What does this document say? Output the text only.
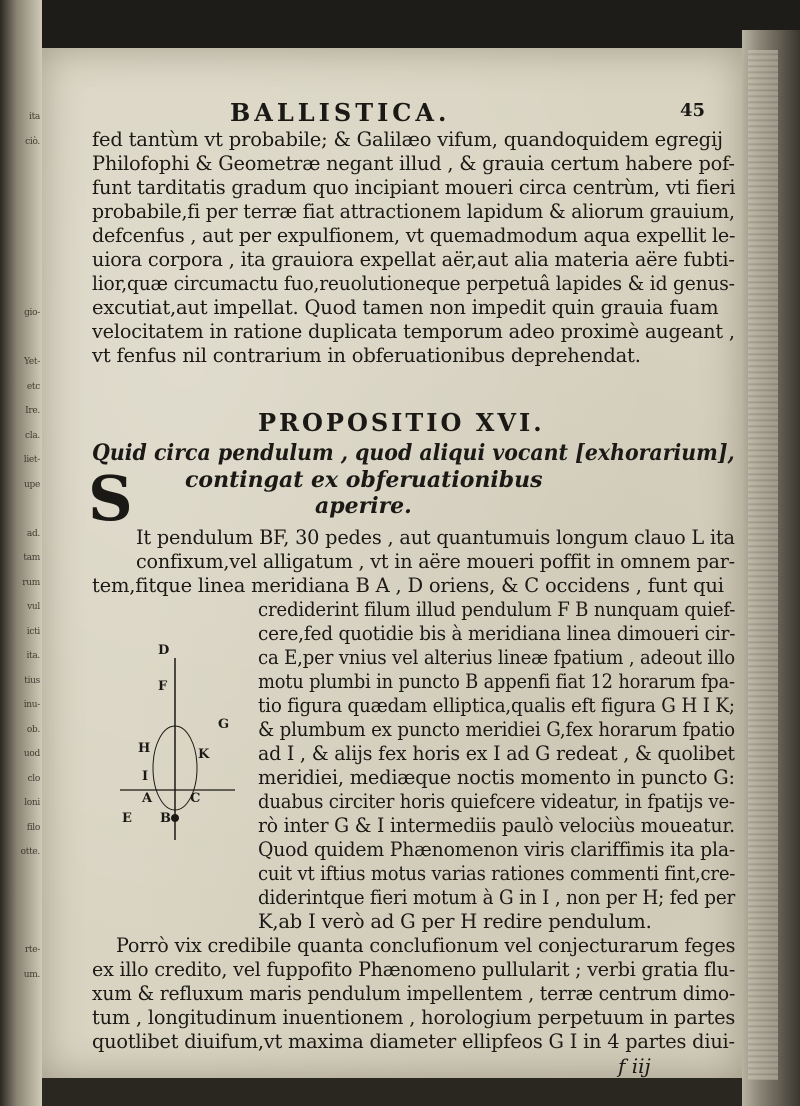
ita
ciò.
gio-
Yet-
etc
Ire.
cla.
liet-
upe
ad.
tam
rum
vul
icti
ita.
tius
inu-
ob.
uod
clo
loni
filo
otte.
rte-
um.
BALLISTICA.	45
fed tantùm vt probabile; & Galilæo vifum, quandoquidem egregij
Philofophi & Geometræ negant illud , & grauia certum habere pof-
funt tarditatis gradum quo incipiant moueri circa centrùm, vti fieri
probabile,fi per terræ fiat attractionem lapidum & aliorum grauium,
defcenfus , aut per expulfionem, vt quemadmodum aqua expellit le-
uiora corpora , ita grauiora expellat aër,aut alia materia aëre fubti-
lior,quæ circumactu fuo,reuolutioneque perpetuâ lapides & id genus-
excutiat,aut impellat. Quod tamen non impedit quin grauia fuam
velocitatem in ratione duplicata temporum adeo proximè augeant ,
vt fenfus nil contrarium in obferuationibus deprehendat.
PROPOSITIO XVI.
Quid circa pendulum , quod aliqui vocant [exhorarium],
contingat ex obferuationibus
aperire.
S
It pendulum BF, 30 pedes , aut quantumuis longum clauo L ita
confixum,vel alligatum , vt in aëre moueri poffit in omnem par-
tem,fitque linea meridiana B A , D oriens, & C occidens , funt qui
crediderint filum illud pendulum F B nunquam quief-
cere,fed quotidie bis à meridiana linea dimoueri cir-
ca E,per vnius vel alterius lineæ fpatium , adeout illo
motu plumbi in puncto B appenfi fiat 12 horarum fpa-
tio figura quædam elliptica,qualis eft figura G H I K;
& plumbum ex puncto meridiei G,fex horarum fpatio
ad I , & alijs fex horis ex I ad G redeat , & quolibet
meridiei, mediæque noctis momento in puncto G:
duabus circiter horis quiefcere videatur, in fpatijs ve-
rò inter G & I intermediis paulò velociùs moueatur.
Quod quidem Phænomenon viris clariffimis ita pla-
cuit vt iftius motus varias rationes commenti fint,cre-
diderintque fieri motum à G in I , non per H; fed per
K,ab I verò ad G per H redire pendulum.
D
F
G
H	K
I
A	C
E B
Porrò vix credibile quanta conclufionum vel conjecturarum feges
ex illo credito, vel fuppofito Phænomeno pullularit ; verbi gratia flu-
xum & refluxum maris pendulum impellentem , terræ centrum dimo-
tum , longitudinum inuentionem , horologium perpetuum in partes
quotlibet diuifum,vt maxima diameter ellipfeos G I in 4 partes diui-
f iij
